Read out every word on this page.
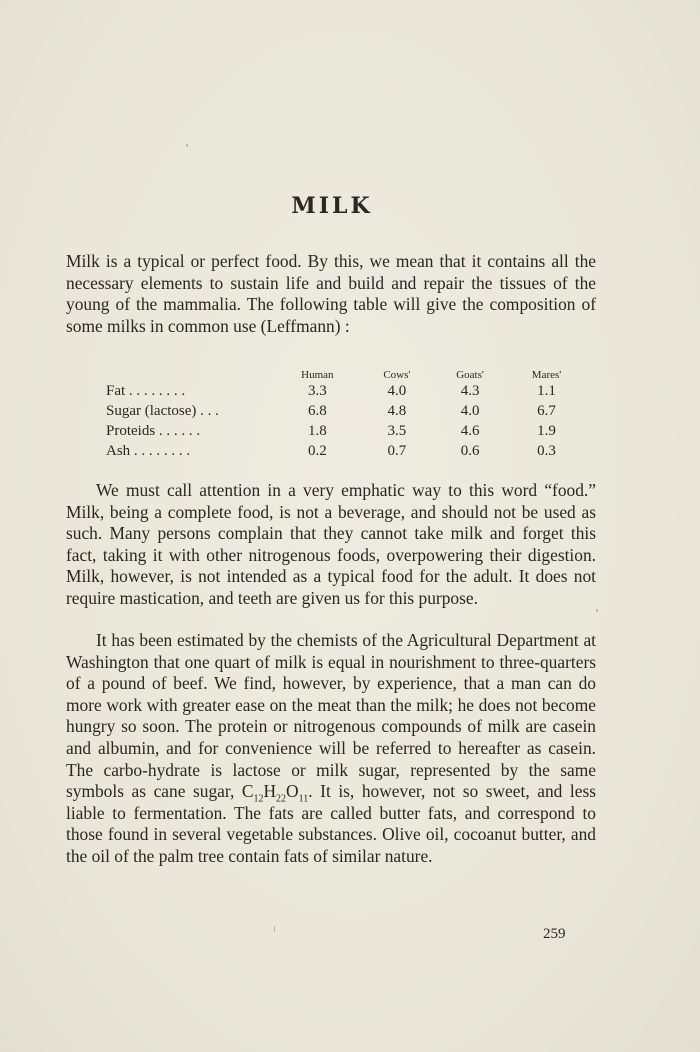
MILK

Milk is a typical or perfect food. By this, we mean that it contains all the necessary elements to sustain life and build and repair the tissues of the young of the mammalia. The following table will give the composition of some milks in common use (Leffmann) :

	Human	Cows'	Goats'	Mares'
Fat . . . . . . . .	3.3	4.0	4.3	1.1
Sugar (lactose) . . .	6.8	4.8	4.0	6.7
Proteids . . . . . .	1.8	3.5	4.6	1.9
Ash . . . . . . . .	0.2	0.7	0.6	0.3

We must call attention in a very emphatic way to this word “food.” Milk, being a complete food, is not a beverage, and should not be used as such. Many persons complain that they cannot take milk and forget this fact, taking it with other nitrogenous foods, overpowering their digestion. Milk, however, is not intended as a typical food for the adult. It does not require mastication, and teeth are given us for this purpose.

It has been estimated by the chemists of the Agricultural Department at Washington that one quart of milk is equal in nourishment to three-quarters of a pound of beef. We find, however, by experience, that a man can do more work with greater ease on the meat than the milk; he does not become hungry so soon. The protein or nitrogenous compounds of milk are casein and albumin, and for convenience will be referred to hereafter as casein. The carbo-hydrate is lactose or milk sugar, represented by the same symbols as cane sugar, $C_{12}H_{22}O_{11}$. It is, however, not so sweet, and less liable to fermentation. The fats are called butter fats, and correspond to those found in several vegetable substances. Olive oil, cocoanut butter, and the oil of the palm tree contain fats of similar nature.

259
